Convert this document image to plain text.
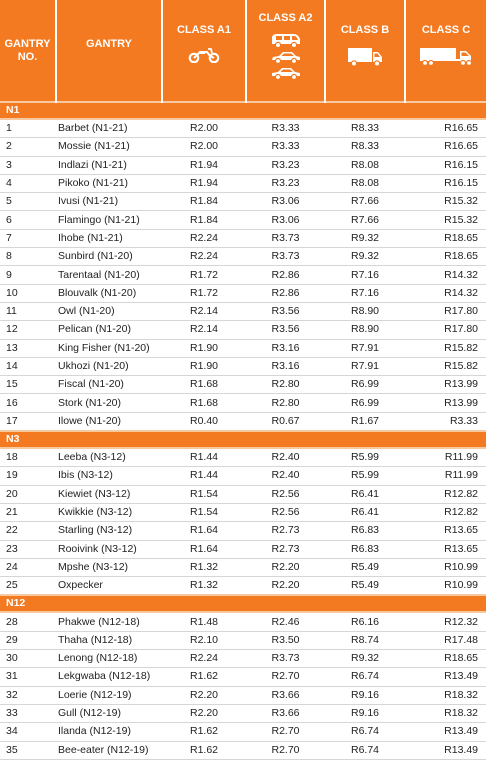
GANTRY NO.	GANTRY	CLASS A1	CLASS A2	CLASS B	CLASS C

N1					
1	Barbet (N1-21)	R2.00	R3.33	R8.33	R16.65
2	Mossie (N1-21)	R2.00	R3.33	R8.33	R16.65
3	Indlazi (N1-21)	R1.94	R3.23	R8.08	R16.15
4	Pikoko (N1-21)	R1.94	R3.23	R8.08	R16.15
5	Ivusi (N1-21)	R1.84	R3.06	R7.66	R15.32
6	Flamingo (N1-21)	R1.84	R3.06	R7.66	R15.32
7	Ihobe (N1-21)	R2.24	R3.73	R9.32	R18.65
8	Sunbird (N1-20)	R2.24	R3.73	R9.32	R18.65
9	Tarentaal (N1-20)	R1.72	R2.86	R7.16	R14.32
10	Blouvalk (N1-20)	R1.72	R2.86	R7.16	R14.32
11	Owl (N1-20)	R2.14	R3.56	R8.90	R17.80
12	Pelican (N1-20)	R2.14	R3.56	R8.90	R17.80
13	King Fisher (N1-20)	R1.90	R3.16	R7.91	R15.82
14	Ukhozi (N1-20)	R1.90	R3.16	R7.91	R15.82
15	Fiscal (N1-20)	R1.68	R2.80	R6.99	R13.99
16	Stork (N1-20)	R1.68	R2.80	R6.99	R13.99
17	Ilowe (N1-20)	R0.40	R0.67	R1.67	R3.33
N3					
18	Leeba (N3-12)	R1.44	R2.40	R5.99	R11.99
19	Ibis (N3-12)	R1.44	R2.40	R5.99	R11.99
20	Kiewiet (N3-12)	R1.54	R2.56	R6.41	R12.82
21	Kwikkie (N3-12)	R1.54	R2.56	R6.41	R12.82
22	Starling (N3-12)	R1.64	R2.73	R6.83	R13.65
23	Rooivink (N3-12)	R1.64	R2.73	R6.83	R13.65
24	Mpshe (N3-12)	R1.32	R2.20	R5.49	R10.99
25	Oxpecker	R1.32	R2.20	R5.49	R10.99
N12					
28	Phakwe (N12-18)	R1.48	R2.46	R6.16	R12.32
29	Thaha (N12-18)	R2.10	R3.50	R8.74	R17.48
30	Lenong (N12-18)	R2.24	R3.73	R9.32	R18.65
31	Lekgwaba (N12-18)	R1.62	R2.70	R6.74	R13.49
32	Loerie (N12-19)	R2.20	R3.66	R9.16	R18.32
33	Gull (N12-19)	R2.20	R3.66	R9.16	R18.32
34	Ilanda (N12-19)	R1.62	R2.70	R6.74	R13.49
35	Bee-eater (N12-19)	R1.62	R2.70	R6.74	R13.49
